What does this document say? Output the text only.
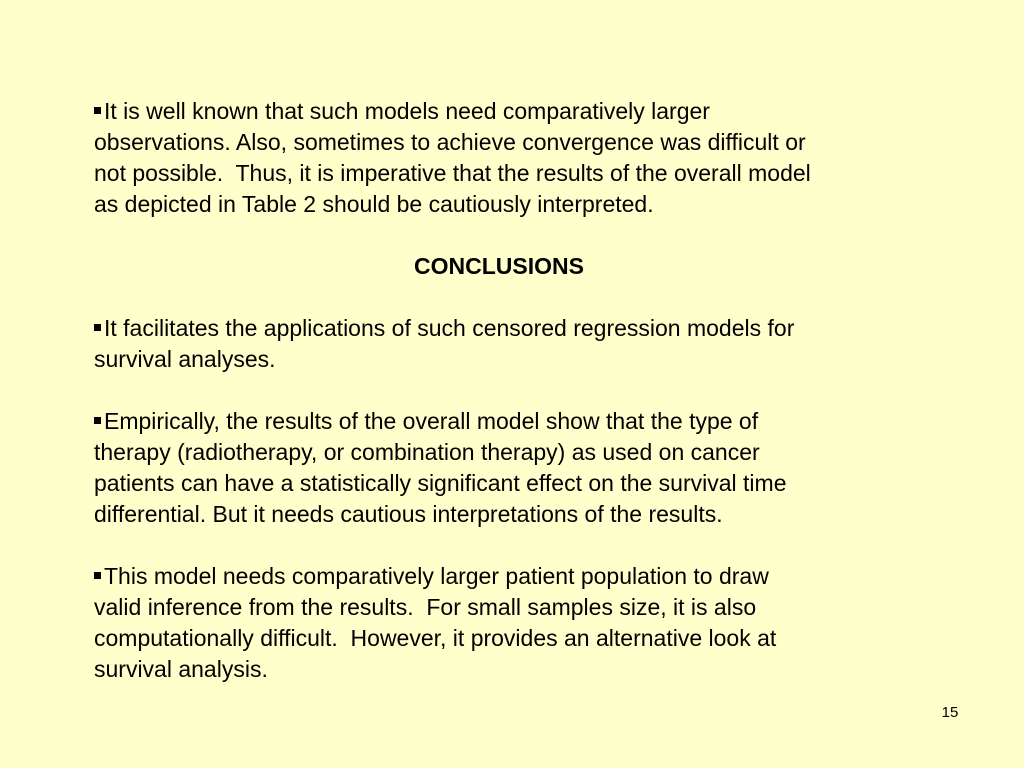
It is well known that such models need comparatively larger
observations. Also, sometimes to achieve convergence was difficult or
not possible.  Thus, it is imperative that the results of the overall model
as depicted in Table 2 should be cautiously interpreted.

CONCLUSIONS

It facilitates the applications of such censored regression models for
survival analyses.

Empirically, the results of the overall model show that the type of
therapy (radiotherapy, or combination therapy) as used on cancer
patients can have a statistically significant effect on the survival time
differential. But it needs cautious interpretations of the results.

This model needs comparatively larger patient population to draw
valid inference from the results.  For small samples size, it is also
computationally difficult.  However, it provides an alternative look at
survival analysis.

15
